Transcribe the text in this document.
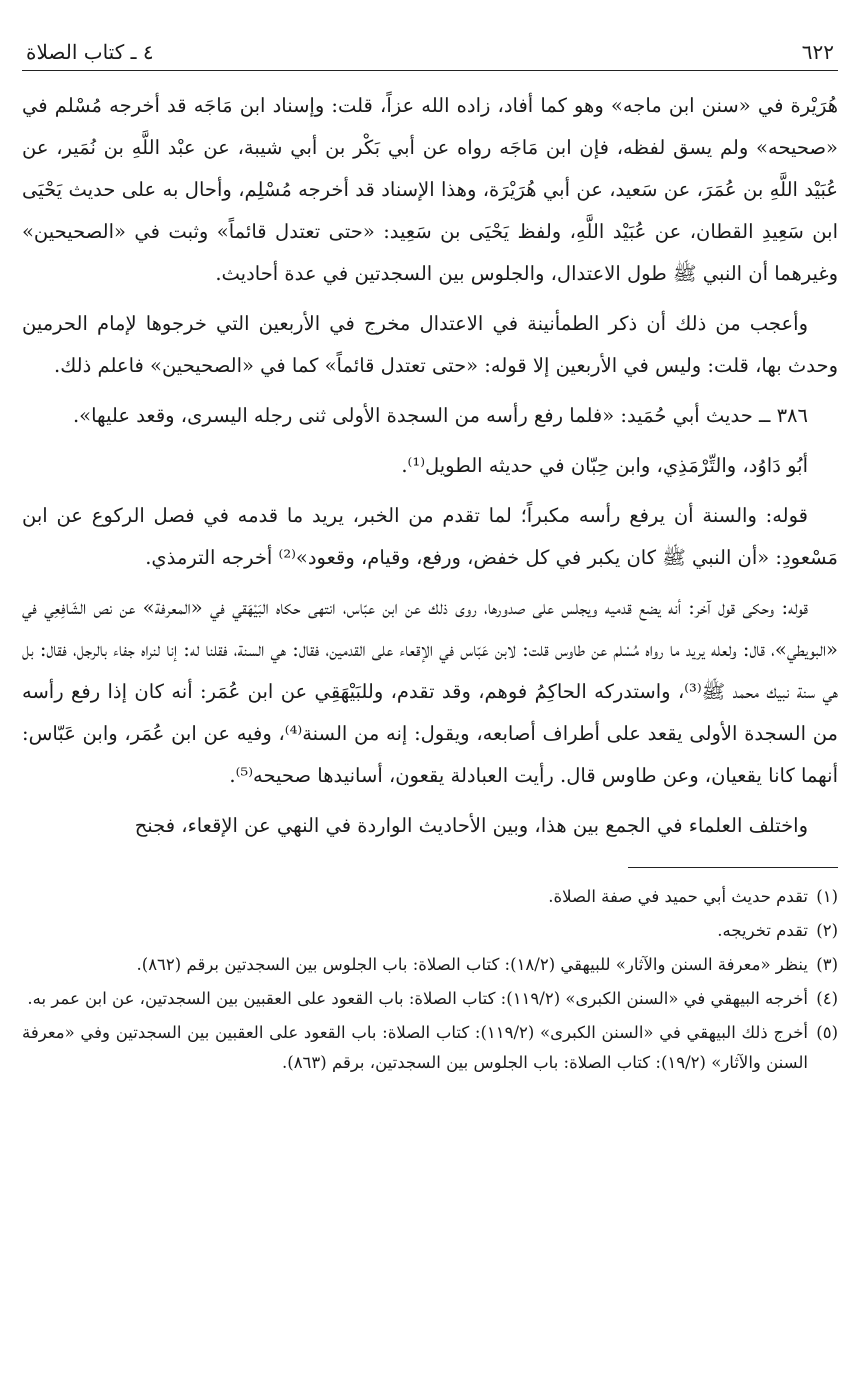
٦٢٢
٤ ـ كتاب الصلاة

هُرَيْرة في «سنن ابن ماجه» وهو كما أفاد، زاده الله عزاً، قلت: وإسناد ابن مَاجَه قد أخرجه مُسْلم في «صحيحه» ولم يسق لفظه، فإن ابن مَاجَه رواه عن أبي بَكْر بن أبي شيبة، عن عبْد اللَّهِ بن نُمَير، عن عُبَيْد اللَّهِ بن عُمَرَ، عن سَعيد، عن أبي هُرَيْرَة، وهذا الإسناد قد أخرجه مُسْلِم، وأحال به على حديث يَحْيَى ابن سَعِيدِ القطان، عن عُبَيْد اللَّهِ، ولفظ يَحْيَى بن سَعِيد: «حتى تعتدل قائماً» وثبت في «الصحيحين» وغيرهما أن النبي ﷺ طول الاعتدال، والجلوس بين السجدتين في عدة أحاديث.

وأعجب من ذلك أن ذكر الطمأنينة في الاعتدال مخرج في الأربعين التي خرجوها لإمام الحرمين وحدث بها، قلت: وليس في الأربعين إلا قوله: «حتى تعتدل قائماً» كما في «الصحيحين» فاعلم ذلك.

٣٨٦ ــ حديث أبي حُمَيد: «فلما رفع رأسه من السجدة الأولى ثنى رجله اليسرى، وقعد عليها».

أبُو دَاوُد، والتِّرْمَذِي، وابن حِبّان في حديثه الطويل⁽¹⁾.

قوله: والسنة أن يرفع رأسه مكبراً؛ لما تقدم من الخبر، يريد ما قدمه في فصل الركوع عن ابن مَسْعودِ: «أن النبي ﷺ كان يكبر في كل خفض، ورفع، وقيام، وقعود»⁽²⁾ أخرجه الترمذي.

قوله: وحكى قول آخر: أنه يضع قدميه ويجلس على صدورها، روى ذلك عن ابن عبّاس، انتهى حكاه البَيْهَقي في «المعرفة» عن نص الشَافِعِي في «البويطي»، قال: ولعله يريد ما رواه مُسْلم عن طاوس قلت: لابن عَبّاس في الإقعاء على القدمين، فقال: هي السنة، فقلنا له: إنا لنراه جفاء بالرجل، فقال: بل هي سنة نبيك محمد ﷺ⁽³⁾، واستدركه الحاكِمُ فوهم، وقد تقدم، وللبَيْهَقِي عن ابن عُمَر: أنه كان إذا رفع رأسه من السجدة الأولى يقعد على أطراف أصابعه، ويقول: إنه من السنة⁽⁴⁾، وفيه عن ابن عُمَر، وابن عَبّاس: أنهما كانا يقعيان، وعن طاوس قال. رأيت العبادلة يقعون، أسانيدها صحيحه⁽⁵⁾.

واختلف العلماء في الجمع بين هذا، وبين الأحاديث الواردة في النهي عن الإقعاء، فجنح

(١)
تقدم حديث أبي حميد في صفة الصلاة.
(٢)
تقدم تخريجه.
(٣)
ينظر «معرفة السنن والآثار» للبيهقي (١٨/٢): كتاب الصلاة: باب الجلوس بين السجدتين برقم (٨٦٢).
(٤)
أخرجه البيهقي في «السنن الكبرى» (١١٩/٢): كتاب الصلاة: باب القعود على العقبين بين السجدتين، عن ابن عمر به.
(٥)
أخرج ذلك البيهقي في «السنن الكبرى» (١١٩/٢): كتاب الصلاة: باب القعود على العقبين بين السجدتين وفي «معرفة السنن والآثار» (١٩/٢): كتاب الصلاة: باب الجلوس بين السجدتين، برقم (٨٦٣).
